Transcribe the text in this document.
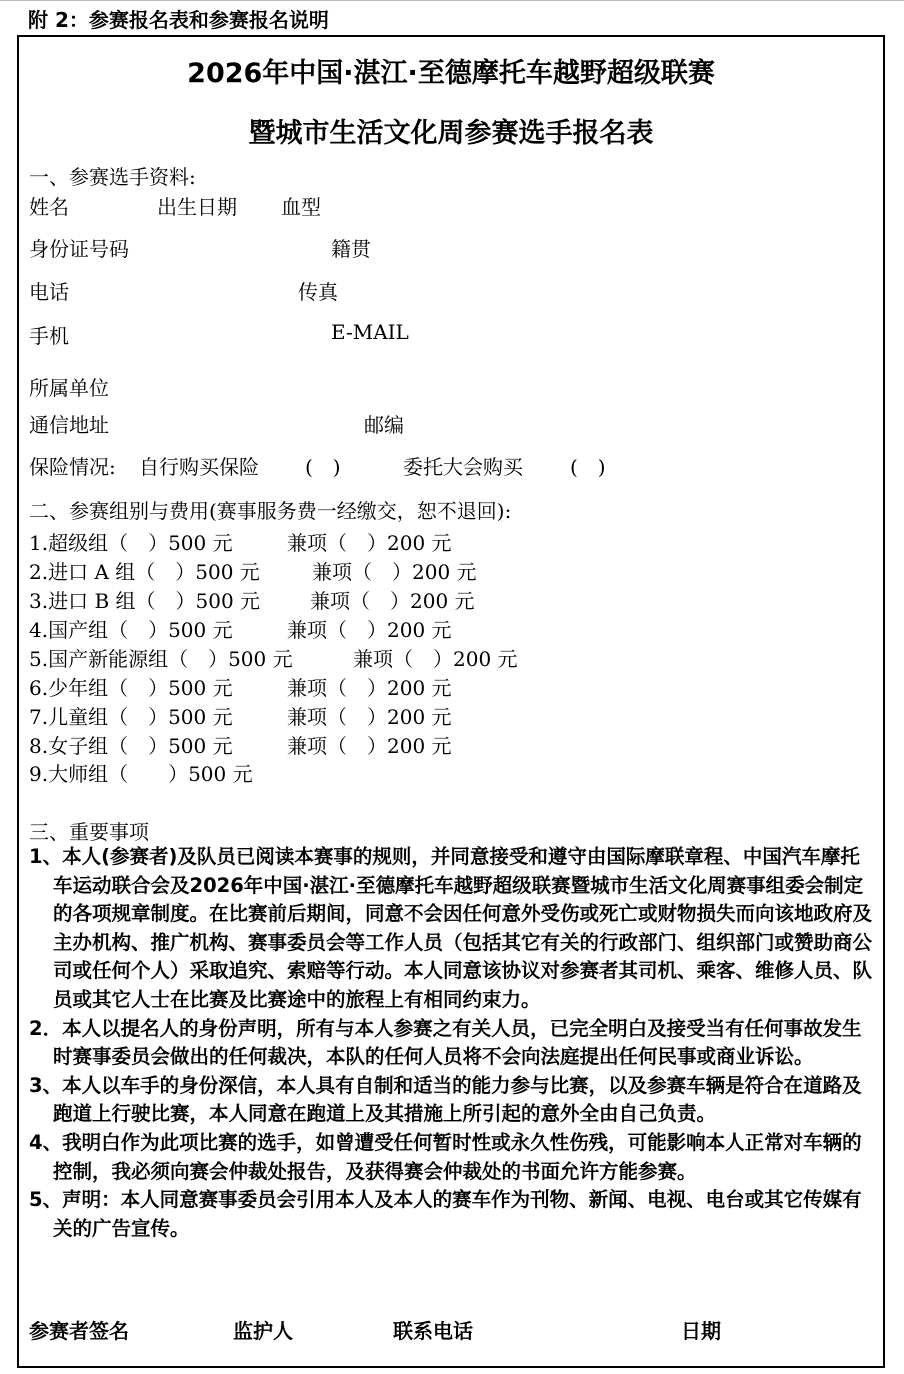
附 2：参赛报名表和参赛报名说明
2026年中国·湛江·至德摩托车越野超级联赛
暨城市生活文化周参赛选手报名表
一、参赛选手资料:
姓名	出生日期 血型
身份证号码	籍贯
电话	传真
手机	E-MAIL
所属单位
通信地址	邮编
保险情况: 自行购买保险 (　)	委托大会购买 (　)
二、参赛组别与费用(赛事服务费一经缴交，恕不退回):
1.超级组（　）500 元	兼项（　）200 元
2.进口 A 组（　）500 元	兼项（　）200 元
3.进口 B 组（　）500 元 兼项（　）200 元
4.国产组（　）500 元	兼项（　）200 元
5.国产新能源组（　）500 元	兼项（　）200 元
6.少年组（　）500 元	兼项（　）200 元
7.儿童组（　）500 元	兼项（　）200 元
8.女子组（　）500 元	兼项（　）200 元
9.大师组（　　）500 元
三、重要事项

1、本人(参赛者)及队员已阅读本赛事的规则，并同意接受和遵守由国际摩联章程、中国汽车摩托车运动联合会及2026年中国·湛江·至德摩托车越野超级联赛暨城市生活文化周赛事组委会制定的各项规章制度。在比赛前后期间，同意不会因任何意外受伤或死亡或财物损失而向该地政府及主办机构、推广机构、赛事委员会等工作人员（包括其它有关的行政部门、组织部门或赞助商公司或任何个人）采取追究、索赔等行动。本人同意该协议对参赛者其司机、乘客、维修人员、队员或其它人士在比赛及比赛途中的旅程上有相同约束力。

2．本人以提名人的身份声明，所有与本人参赛之有关人员，已完全明白及接受当有任何事故发生时赛事委员会做出的任何裁决，本队的任何人员将不会向法庭提出任何民事或商业诉讼。

3、本人以车手的身份深信，本人具有自制和适当的能力参与比赛，以及参赛车辆是符合在道路及跑道上行驶比赛，本人同意在跑道上及其措施上所引起的意外全由自己负责。

4、我明白作为此项比赛的选手，如曾遭受任何暂时性或永久性伤残，可能影响本人正常对车辆的控制，我必须向赛会仲裁处报告，及获得赛会仲裁处的书面允许方能参赛。

5、声明：本人同意赛事委员会引用本人及本人的赛车作为刊物、新闻、电视、电台或其它传媒有关的广告宣传。

参赛者签名	监护人	联系电话	日期
